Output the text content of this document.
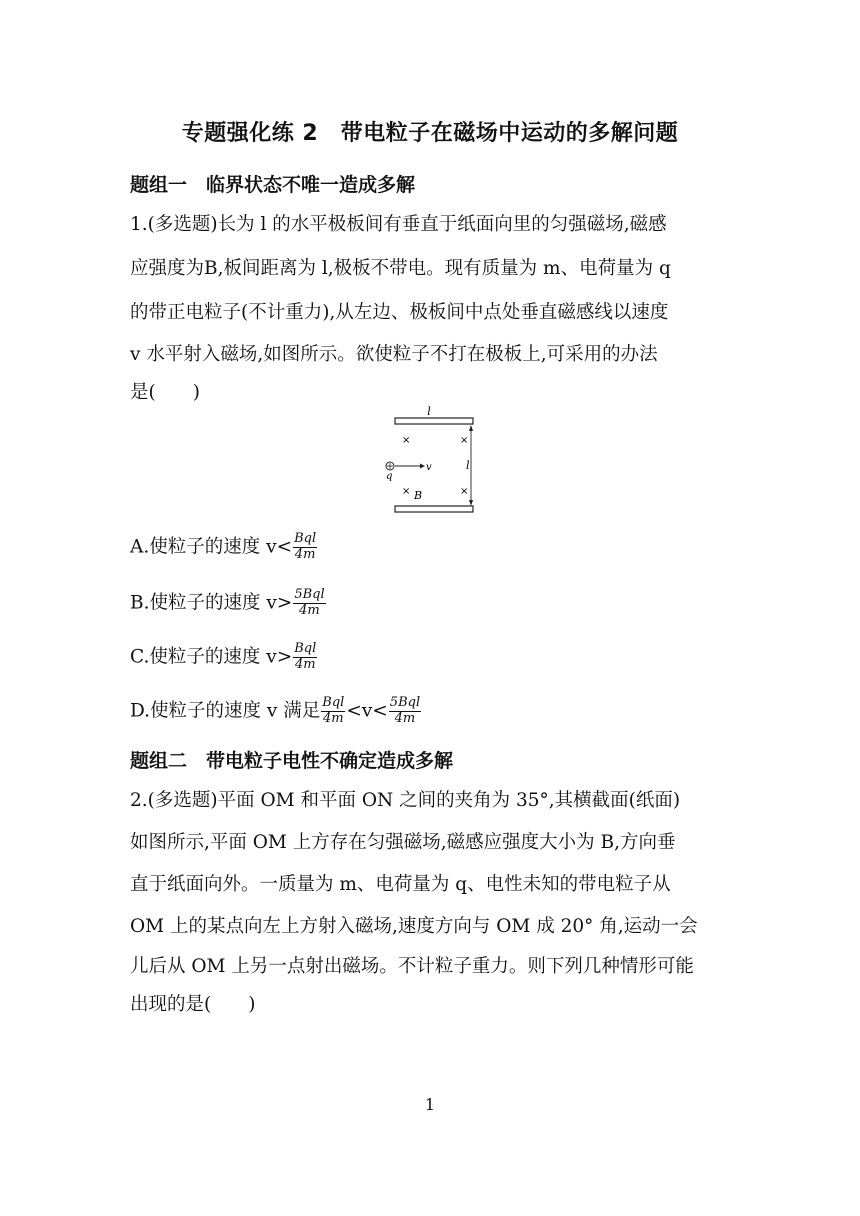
专题强化练 2　带电粒子在磁场中运动的多解问题
题组一　临界状态不唯一造成多解
1.(多选题)长为 l 的水平极板间有垂直于纸面向里的匀强磁场,磁感
应强度为B,板间距离为 l,极板不带电。现有质量为 m、电荷量为 q
的带正电粒子(不计重力),从左边、极板间中点处垂直磁感线以速度
v 水平射入磁场,如图所示。欲使粒子不打在极板上,可采用的办法
是(　　)
l
×	×
×	×
q
v
B
l
A.使粒子的速度 $v< \frac{\text{Bql}}{4m}$
B.使粒子的速度 $v> \frac{\text{5Bql}}{4m}$
C.使粒子的速度 $v> \frac{\text{Bql}}{4m}$
D.使粒子的速度 v 满足 $\frac{\text{Bql}}{4m} <v< \frac{\text{5Bql}}{4m}$
题组二　带电粒子电性不确定造成多解
2.(多选题)平面 OM 和平面 ON 之间的夹角为 35°,其横截面(纸面)
如图所示,平面 OM 上方存在匀强磁场,磁感应强度大小为 B,方向垂
直于纸面向外。一质量为 m、电荷量为 q、电性未知的带电粒子从
OM 上的某点向左上方射入磁场,速度方向与 OM 成 20° 角,运动一会
儿后从 OM 上另一点射出磁场。不计粒子重力。则下列几种情形可能
出现的是(　　)
1
